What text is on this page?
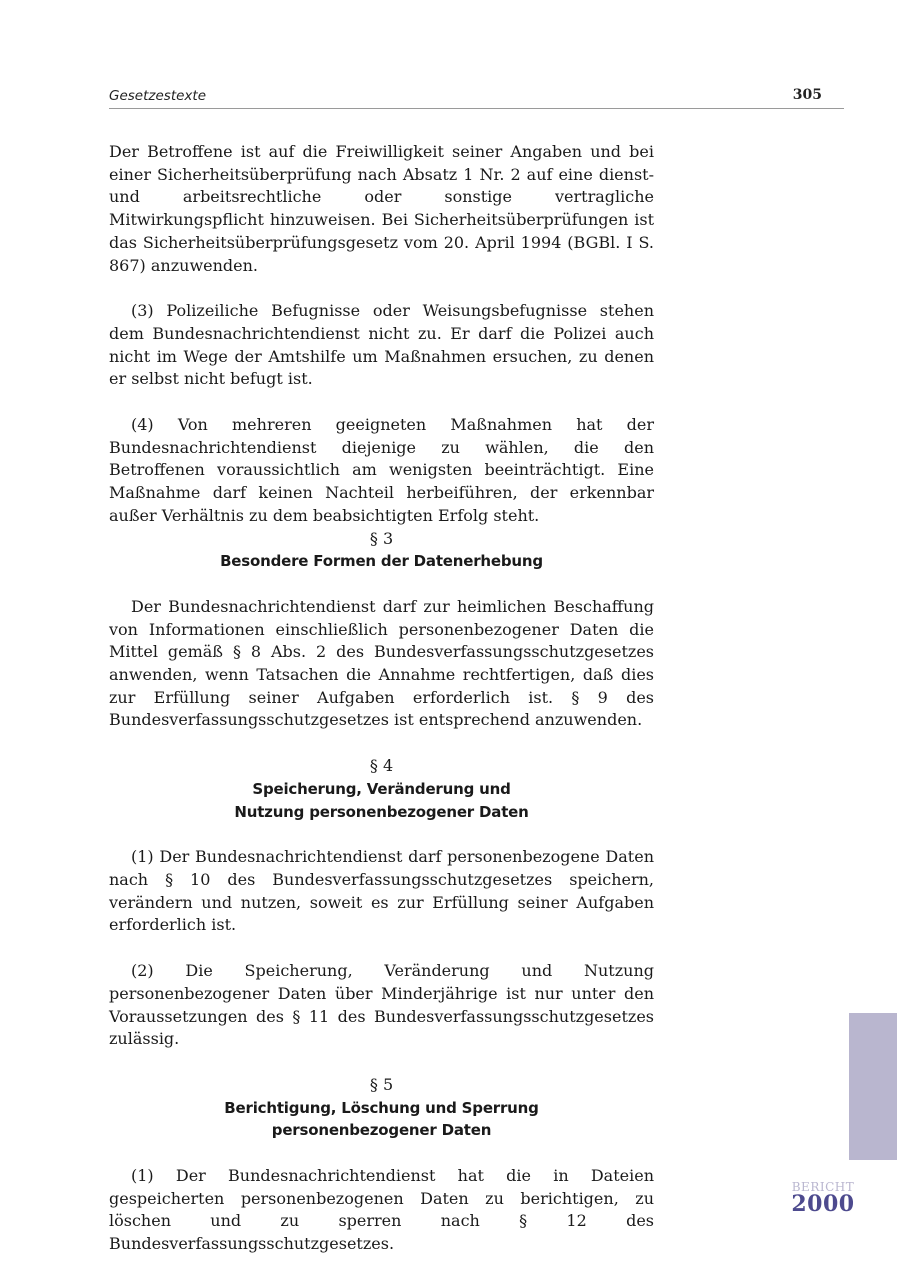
Gesetzestexte	305

Der Betroffene ist auf die Freiwilligkeit seiner Angaben und bei einer Sicherheitsüberprüfung nach Absatz 1 Nr. 2 auf eine dienst- und arbeitsrechtliche oder sonstige vertragliche Mitwirkungspflicht hinzuweisen. Bei Sicherheitsüberprüfungen ist das Sicherheitsüberprüfungsgesetz vom 20. April 1994 (BGBl. I S. 867) anzuwenden.

(3) Polizeiliche Befugnisse oder Weisungsbefugnisse stehen dem Bundesnachrichtendienst nicht zu. Er darf die Polizei auch nicht im Wege der Amtshilfe um Maßnahmen ersuchen, zu denen er selbst nicht befugt ist.

(4) Von mehreren geeigneten Maßnahmen hat der Bundesnachrichtendienst diejenige zu wählen, die den Betroffenen voraussichtlich am wenigsten beeinträchtigt. Eine Maßnahme darf keinen Nachteil herbeiführen, der erkennbar außer Verhältnis zu dem beabsichtigten Erfolg steht.

§ 3
Besondere Formen der Datenerhebung

Der Bundesnachrichtendienst darf zur heimlichen Beschaffung von Informationen einschließlich personenbezogener Daten die Mittel gemäß § 8 Abs. 2 des Bundesverfassungsschutzgesetzes anwenden, wenn Tatsachen die Annahme rechtfertigen, daß dies zur Erfüllung seiner Aufgaben erforderlich ist. § 9 des Bundesverfassungsschutzgesetzes ist entsprechend anzuwenden.

§ 4
Speicherung, Veränderung und
Nutzung personenbezogener Daten

(1) Der Bundesnachrichtendienst darf personenbezogene Daten nach § 10 des Bundesverfassungsschutzgesetzes speichern, verändern und nutzen, soweit es zur Erfüllung seiner Aufgaben erforderlich ist.

(2) Die Speicherung, Veränderung und Nutzung personenbezogener Daten über Minderjährige ist nur unter den Voraussetzungen des § 11 des Bundesverfassungsschutzgesetzes zulässig.

§ 5
Berichtigung, Löschung und Sperrung
personenbezogener Daten

(1) Der Bundesnachrichtendienst hat die in Dateien gespeicherten personenbezogenen Daten zu berichtigen, zu löschen und zu sperren nach § 12 des Bundesverfassungsschutzgesetzes.

BERICHT
2000
